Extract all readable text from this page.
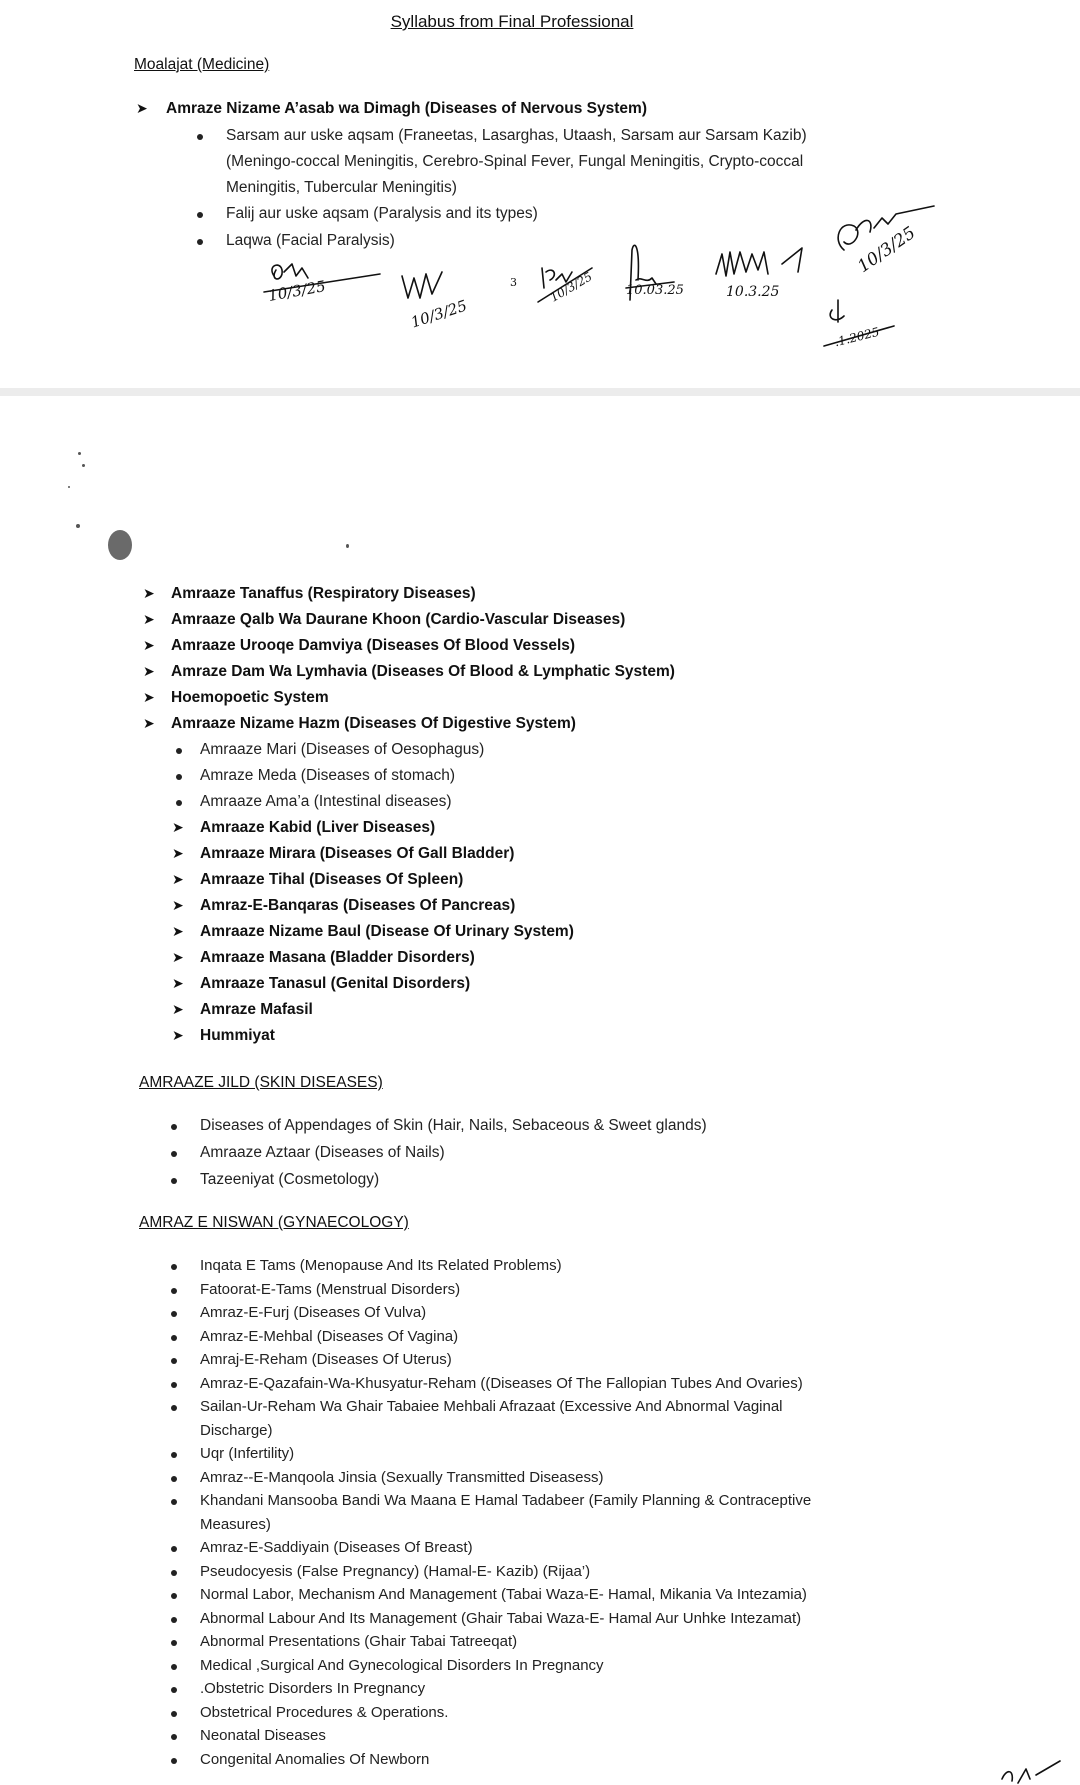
Syllabus from Final Professional
Moalajat (Medicine)
➤ Amraze Nizame A’asab wa Dimagh (Diseases of Nervous System)
Sarsam aur uske aqsam (Franeetas, Lasarghas, Utaash, Sarsam aur Sarsam Kazib)
(Meningo-coccal Meningitis, Cerebro-Spinal Fever, Fungal Meningitis, Crypto-coccal
Meningitis, Tubercular Meningitis)
Falij aur uske aqsam (Paralysis and its types)
Laqwa (Facial Paralysis)
10/3/25
10/3/25
3	10/3/25 10.03.25	10.3.25
10/3/25
.1.2025
➤ Amraaze Tanaffus (Respiratory Diseases)
➤ Amraaze Qalb Wa Daurane Khoon (Cardio-Vascular Diseases)
➤ Amraaze Urooqe Damviya (Diseases Of Blood Vessels)
➤ Amraze Dam Wa Lymhavia (Diseases Of Blood & Lymphatic System)
➤ Hoemopoetic System
➤ Amraaze Nizame Hazm (Diseases Of Digestive System)
Amraaze Mari (Diseases of Oesophagus)
Amraze Meda (Diseases of stomach)
Amraaze Ama’a (Intestinal diseases)
➤ Amraaze Kabid (Liver Diseases)
➤ Amraaze Mirara (Diseases Of Gall Bladder)
➤ Amraaze Tihal (Diseases Of Spleen)
➤ Amraz-E-Banqaras (Diseases Of Pancreas)
➤ Amraaze Nizame Baul (Disease Of Urinary System)
➤ Amraaze Masana (Bladder Disorders)
➤ Amraaze Tanasul (Genital Disorders)
➤ Amraze Mafasil
➤ Hummiyat
AMRAAZE JILD (SKIN DISEASES)
Diseases of Appendages of Skin (Hair, Nails, Sebaceous & Sweet glands)
Amraaze Aztaar (Diseases of Nails)
Tazeeniyat (Cosmetology)
AMRAZ E NISWAN (GYNAECOLOGY)
Inqata E Tams (Menopause And Its Related Problems)
Fatoorat-E-Tams (Menstrual Disorders)
Amraz-E-Furj (Diseases Of Vulva)
Amraz-E-Mehbal (Diseases Of Vagina)
Amraj-E-Reham (Diseases Of Uterus)
Amraz-E-Qazafain-Wa-Khusyatur-Reham ((Diseases Of The Fallopian Tubes And Ovaries)
Sailan-Ur-Reham Wa Ghair Tabaiee Mehbali Afrazaat (Excessive And Abnormal Vaginal
Discharge)
Uqr (Infertility)
Amraz--E-Manqoola Jinsia (Sexually Transmitted Diseasess)
Khandani Mansooba Bandi Wa Maana E Hamal Tadabeer (Family Planning & Contraceptive
Measures)
Amraz-E-Saddiyain (Diseases Of Breast)
Pseudocyesis (False Pregnancy) (Hamal-E- Kazib) (Rijaa’)
Normal Labor, Mechanism And Management (Tabai Waza-E- Hamal, Mikania Va Intezamia)
Abnormal Labour And Its Management (Ghair Tabai Waza-E- Hamal Aur Unhke Intezamat)
Abnormal Presentations (Ghair Tabai Tatreeqat)
Medical ,Surgical And Gynecological Disorders In Pregnancy
.Obstetric Disorders In Pregnancy
Obstetrical Procedures & Operations.
Neonatal Diseases
Congenital Anomalies Of Newborn
